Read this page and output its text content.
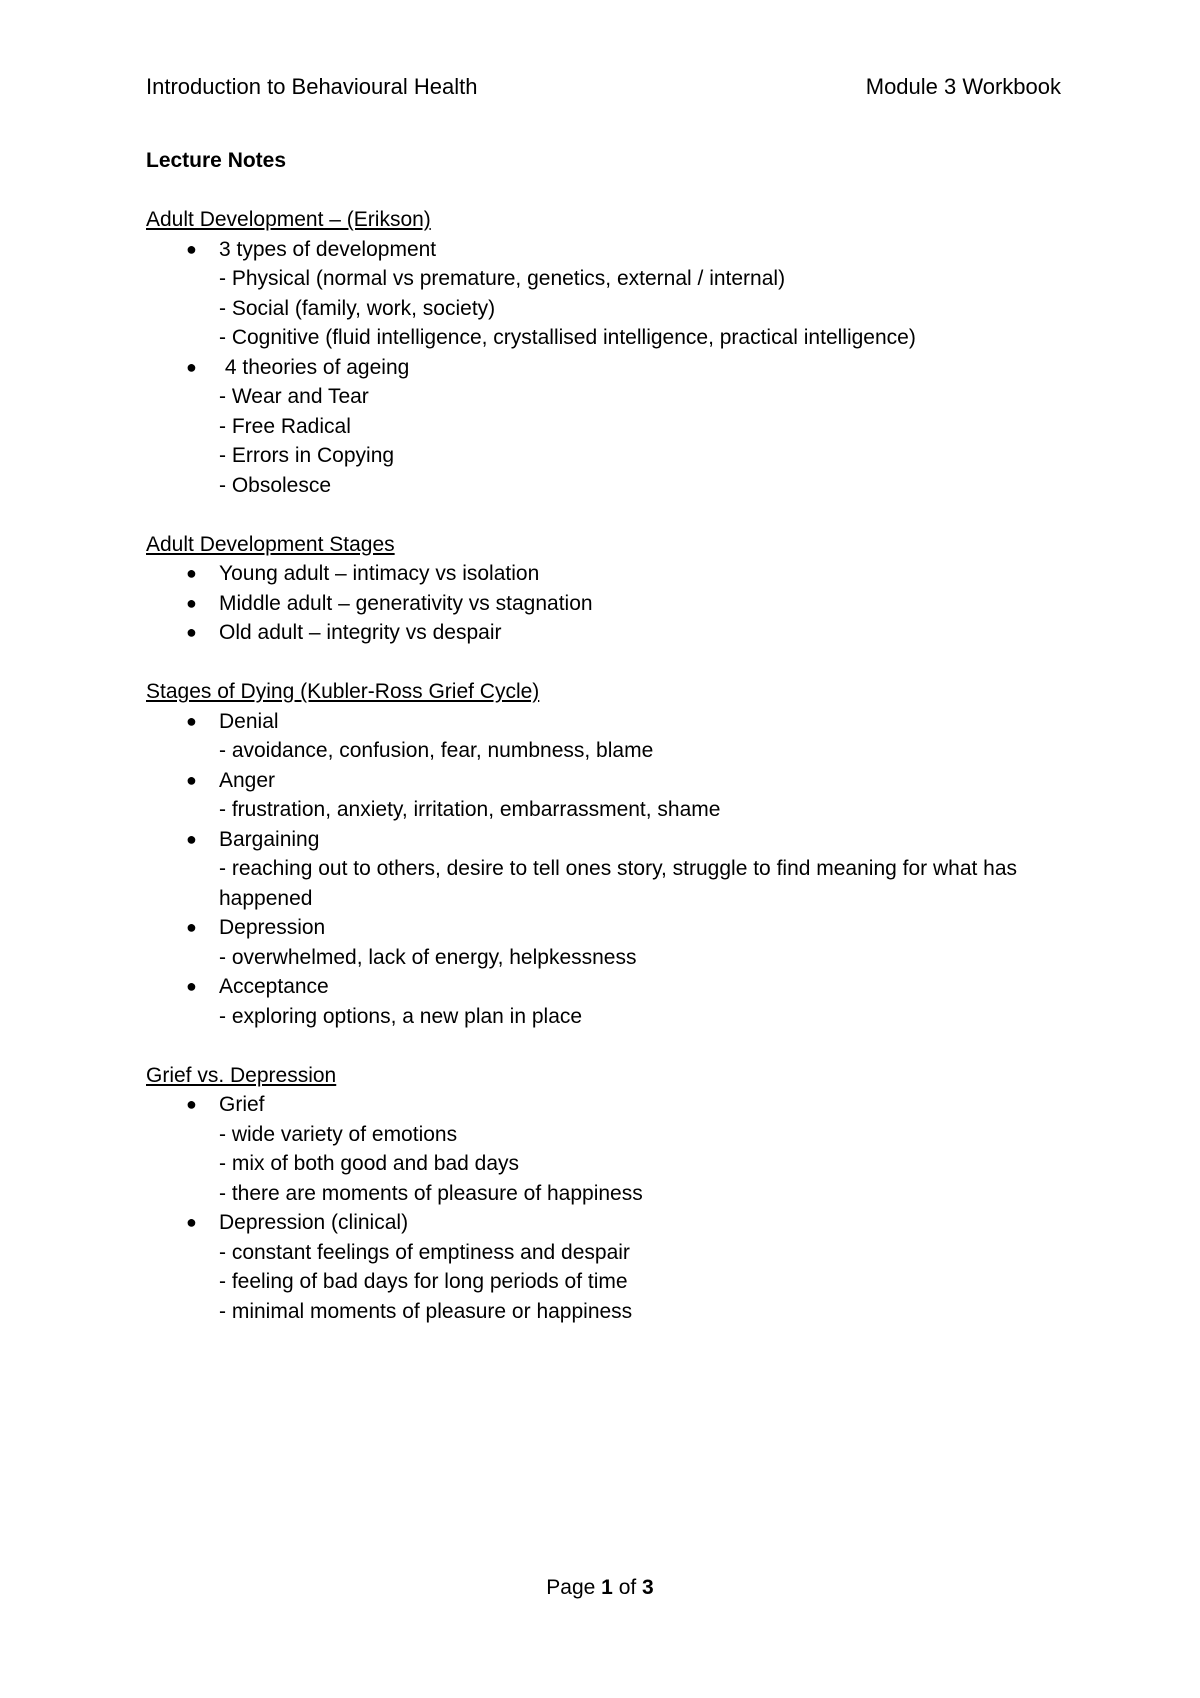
Introduction to Behavioural Health	Module 3 Workbook
Lecture Notes
Adult Development – (Erikson)
● 3 types of development
- Physical (normal vs premature, genetics, external / internal)
- Social (family, work, society)
- Cognitive (fluid intelligence, crystallised intelligence, practical intelligence)
● 4 theories of ageing
- Wear and Tear
- Free Radical
- Errors in Copying
- Obsolesce
Adult Development Stages
● Young adult – intimacy vs isolation
● Middle adult – generativity vs stagnation
● Old adult – integrity vs despair
Stages of Dying (Kubler-Ross Grief Cycle)
● Denial
- avoidance, confusion, fear, numbness, blame
● Anger
- frustration, anxiety, irritation, embarrassment, shame
● Bargaining
- reaching out to others, desire to tell ones story, struggle to find meaning for what has happened
● Depression
- overwhelmed, lack of energy, helpkessness
● Acceptance
- exploring options, a new plan in place
Grief vs. Depression
● Grief
- wide variety of emotions
- mix of both good and bad days
- there are moments of pleasure of happiness
● Depression (clinical)
- constant feelings of emptiness and despair
- feeling of bad days for long periods of time
- minimal moments of pleasure or happiness
Page 1 of 3
